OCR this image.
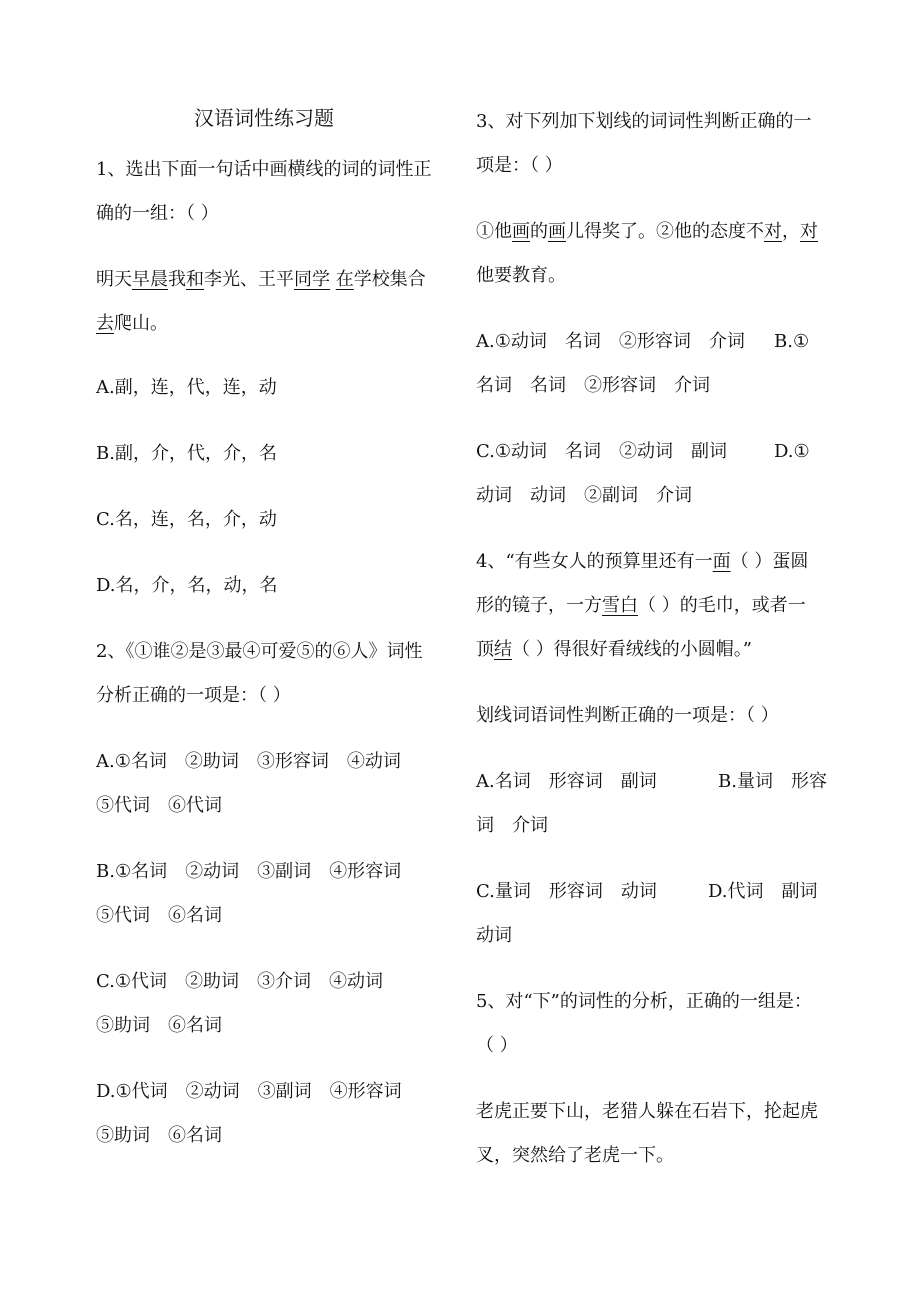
汉语词性练习题
1、选出下面一句话中画横线的词的词性正
确的一组：（ ）
明天早晨我和李光、王平同学 在学校集合
去爬山。
A.副，连，代，连，动
B.副，介，代，介，名
C.名，连，名，介，动
D.名，介，名，动，名
2、《①谁②是③最④可爱⑤的⑥人》词性
分析正确的一项是：（ ）
A.①名词　②助词　③形容词　④动词
⑤代词　⑥代词
B.①名词　②动词　③副词　④形容词
⑤代词　⑥名词
C.①代词　②助词　③介词　④动词
⑤助词　⑥名词
D.①代词　②动词　③副词　④形容词
⑤助词　⑥名词
3、对下列加下划线的词词性判断正确的一
项是：（ ）
①他画的画儿得奖了。②他的态度不对，对
他要教育。
A.①动词　名词　②形容词　介词 B.①
名词　名词　②形容词　介词
C.①动词　名词　②动词　副词	D.①
动词　动词　②副词　介词
4、“有些女人的预算里还有一面（ ）蛋圆
形的镜子，一方雪白（ ）的毛巾，或者一
顶结（ ）得很好看绒线的小圆帽。”
划线词语词性判断正确的一项是：（ ）
A.名词　形容词　副词	B.量词　形容
词　介词
C.量词　形容词　动词	D.代词　副词
动词
5、对“下”的词性的分析，正确的一组是：
（ ）
老虎正要下山，老猎人躲在石岩下，抡起虎
叉，突然给了老虎一下。
